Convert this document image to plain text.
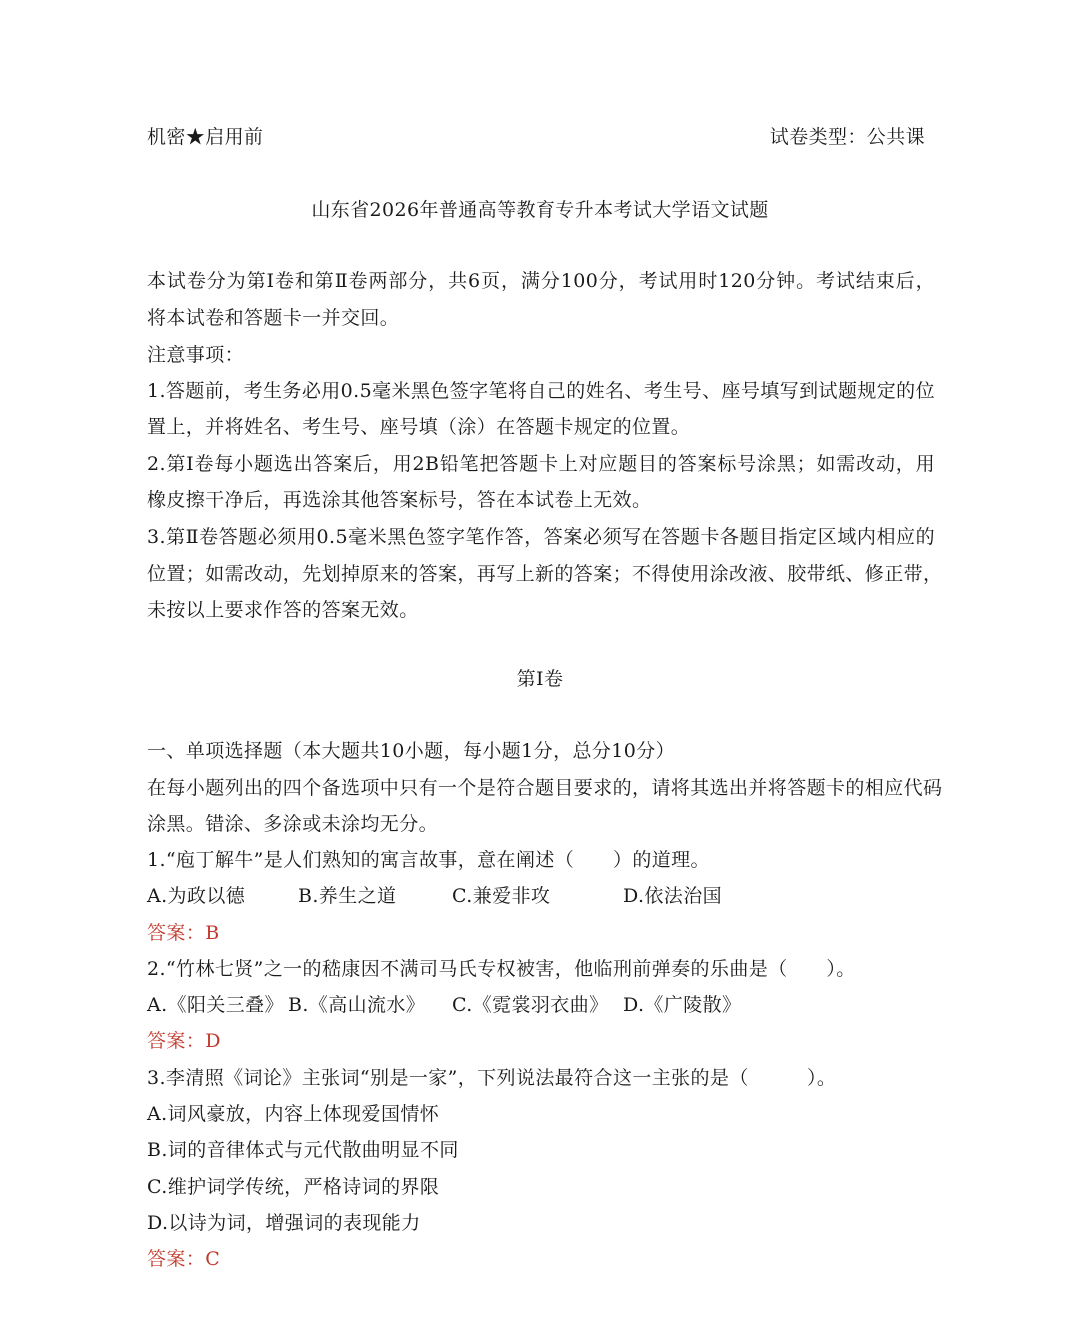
机密★启用前	试卷类型：公共课
山东省2026年普通高等教育专升本考试大学语文试题
本试卷分为第Ⅰ卷和第Ⅱ卷两部分，共6页，满分100分，考试用时120分钟。考试结束后，
将本试卷和答题卡一并交回。
注意事项：
1.答题前，考生务必用0.5毫米黑色签字笔将自己的姓名、考生号、座号填写到试题规定的位
置上，并将姓名、考生号、座号填（涂）在答题卡规定的位置。
2.第Ⅰ卷每小题选出答案后，用2B铅笔把答题卡上对应题目的答案标号涂黑；如需改动，用
橡皮擦干净后，再选涂其他答案标号，答在本试卷上无效。
3.第Ⅱ卷答题必须用0.5毫米黑色签字笔作答，答案必须写在答题卡各题目指定区域内相应的
位置；如需改动，先划掉原来的答案，再写上新的答案；不得使用涂改液、胶带纸、修正带，
未按以上要求作答的答案无效。
第Ⅰ卷
一、单项选择题（本大题共10小题，每小题1分，总分10分）
在每小题列出的四个备选项中只有一个是符合题目要求的，请将其选出并将答题卡的相应代码
涂黑。错涂、多涂或未涂均无分。
1.“庖丁解牛”是人们熟知的寓言故事，意在阐述（　　）的道理。
A.为政以德	B.养生之道	C.兼爱非攻	D.依法治国
答案：B
2.“竹林七贤”之一的嵇康因不满司马氏专权被害，他临刑前弹奏的乐曲是（　　）。
A.《阳关三叠》 B.《高山流水》 C.《霓裳羽衣曲》 D.《广陵散》
答案：D
3.李清照《词论》主张词“别是一家”，下列说法最符合这一主张的是（　　　）。
A.词风豪放，内容上体现爱国情怀
B.词的音律体式与元代散曲明显不同
C.维护词学传统，严格诗词的界限
D.以诗为词，增强词的表现能力
答案：C
